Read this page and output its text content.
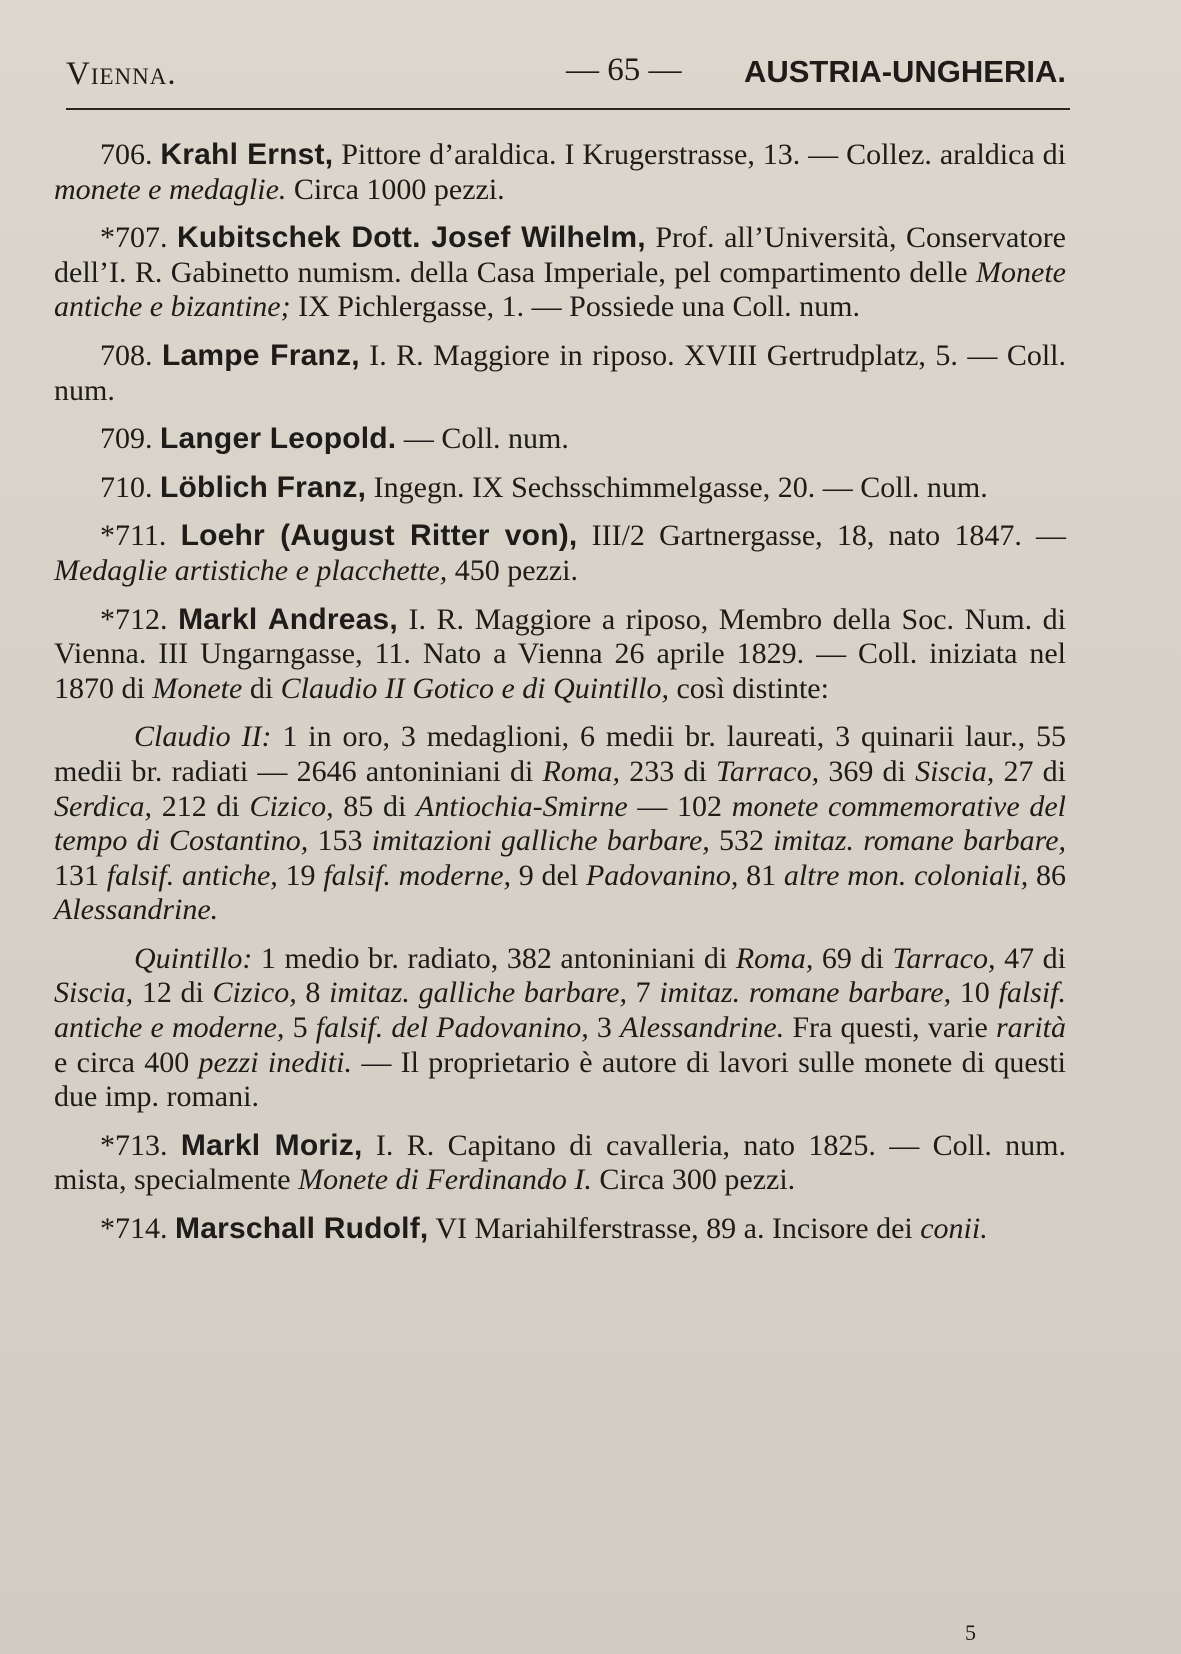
Vienna.	— 65 — AUSTRIA-UNGHERIA.

706. Krahl Ernst, Pittore d’araldica. I Krugerstrasse, 13. — Collez. araldica di monete e medaglie. Circa 1000 pezzi.

*707. Kubitschek Dott. Josef Wilhelm, Prof. all’Università, Conservatore dell’I. R. Gabinetto numism. della Casa Imperiale, pel compartimento delle Monete antiche e bizantine; IX Pichlergasse, 1. — Possiede una Coll. num.

708. Lampe Franz, I. R. Maggiore in riposo. XVIII Gertrudplatz, 5. — Coll. num.

709. Langer Leopold. — Coll. num.

710. Löblich Franz, Ingegn. IX Sechsschimmelgasse, 20. — Coll. num.

*711. Loehr (August Ritter von), III/2 Gartnergasse, 18, nato 1847. — Medaglie artistiche e placchette, 450 pezzi.

*712. Markl Andreas, I. R. Maggiore a riposo, Membro della Soc. Num. di Vienna. III Ungarngasse, 11. Nato a Vienna 26 aprile 1829. — Coll. iniziata nel 1870 di Monete di Claudio II Gotico e di Quintillo, così distinte:

Claudio II: 1 in oro, 3 medaglioni, 6 medii br. laureati, 3 quinarii laur., 55 medii br. radiati — 2646 antoniniani di Roma, 233 di Tarraco, 369 di Siscia, 27 di Serdica, 212 di Cizico, 85 di Antiochia-Smirne — 102 monete commemorative del tempo di Costantino, 153 imitazioni galliche barbare, 532 imitaz. romane barbare, 131 falsif. antiche, 19 falsif. moderne, 9 del Padovanino, 81 altre mon. coloniali, 86 Alessandrine.

Quintillo: 1 medio br. radiato, 382 antoniniani di Roma, 69 di Tarraco, 47 di Siscia, 12 di Cizico, 8 imitaz. galliche barbare, 7 imitaz. romane barbare, 10 falsif. antiche e moderne, 5 falsif. del Padovanino, 3 Alessandrine. Fra questi, varie rarità e circa 400 pezzi inediti. — Il proprietario è autore di lavori sulle monete di questi due imp. romani.

*713. Markl Moriz, I. R. Capitano di cavalleria, nato 1825. — Coll. num. mista, specialmente Monete di Ferdinando I. Circa 300 pezzi.

*714. Marschall Rudolf, VI Mariahilferstrasse, 89 a. Incisore dei conii.

5
